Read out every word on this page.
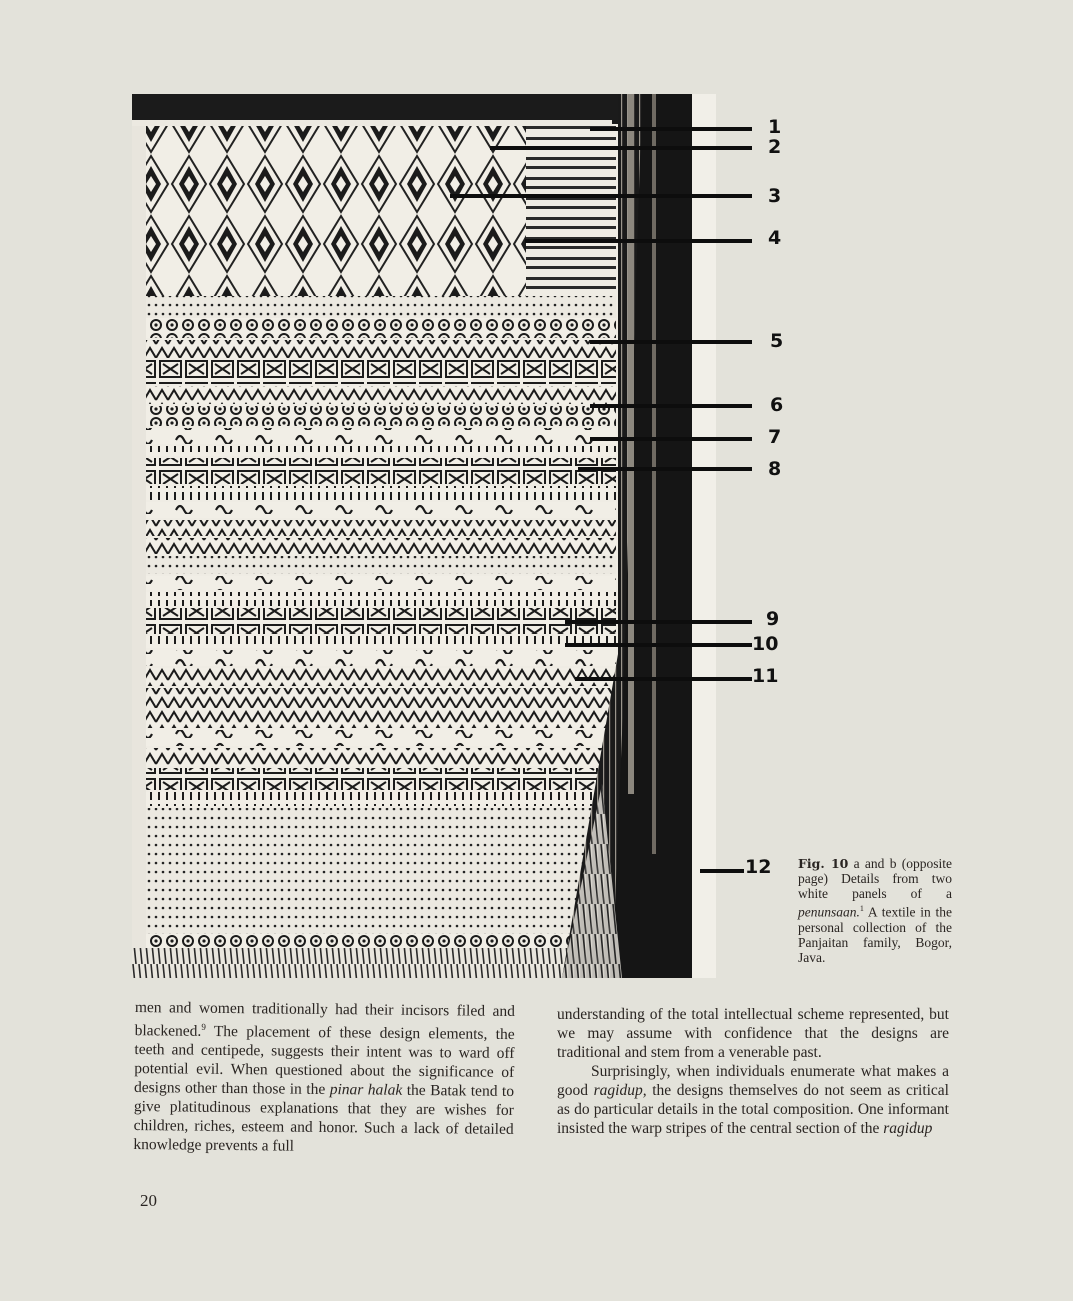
1
2
3
4
5
6
7
8
9
10
11
12 Fig. 10 a and b (opposite page) Details from two white panels of a penunsaan.$^1$ A textile in the personal collection of the Panjaitan family, Bogor, Java.

men and women traditionally had their incisors filed and blackened.$^9$ The placement of these design elements, the teeth and centipede, suggests their intent was to ward off potential evil. When questioned about the significance of designs other than those in the pinar halak the Batak tend to give platitudinous explanations that they are wishes for children, riches, esteem and honor. Such a lack of detailed knowledge prevents a full

understanding of the total intellectual scheme represented, but we may assume with confidence that the designs are traditional and stem from a venerable past.

Surprisingly, when individuals enumerate what makes a good ragidup, the designs themselves do not seem as critical as do particular details in the total composition. One informant insisted the warp stripes of the central section of the ragidup

20
